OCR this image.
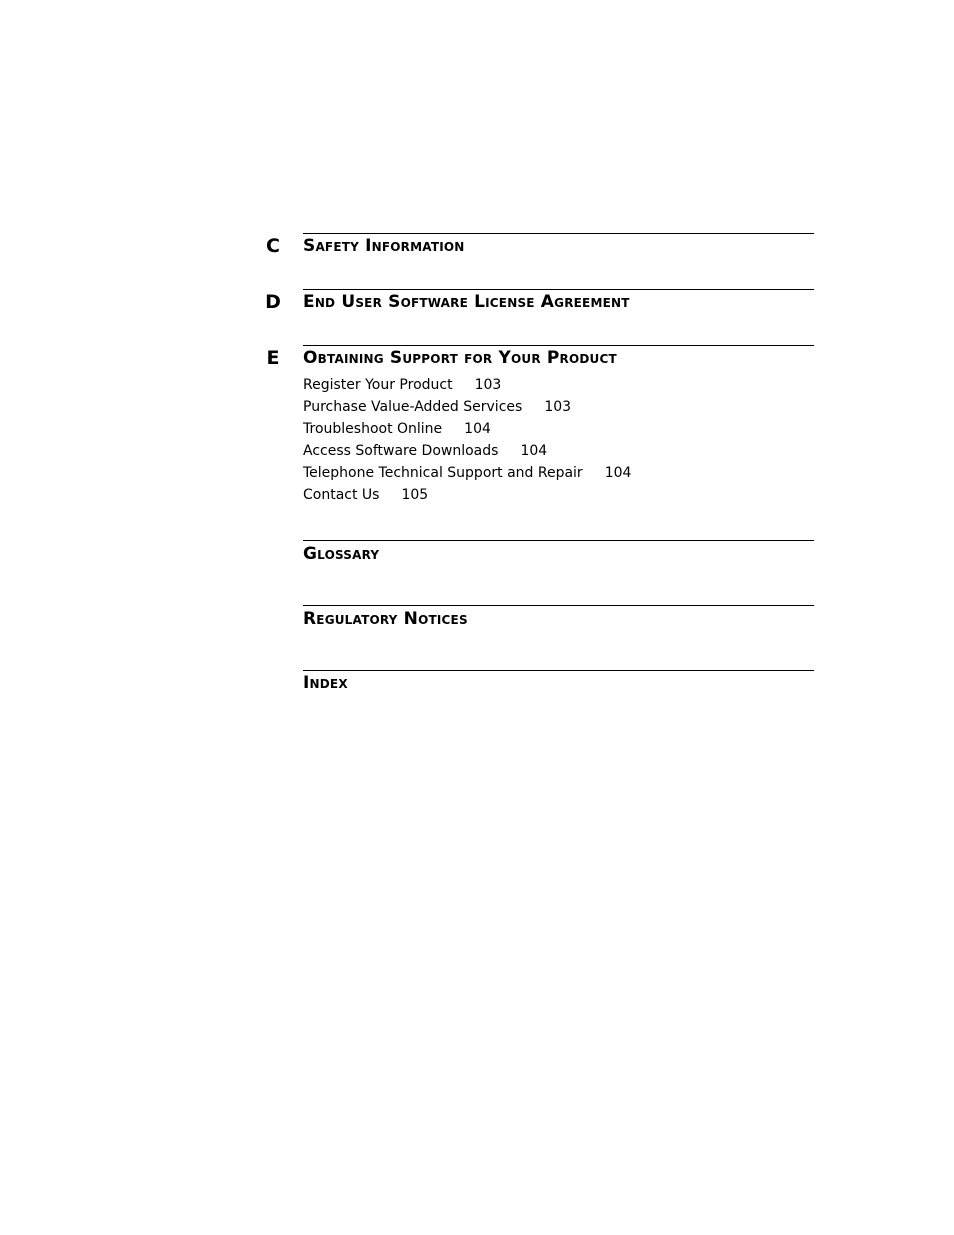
C Safety Information
D End User Software License Agreement
E Obtaining Support for Your Product
Register Your Product 103
Purchase Value-Added Services 103
Troubleshoot Online 104
Access Software Downloads 104
Telephone Technical Support and Repair 104
Contact Us 105
Glossary
Regulatory Notices
Index
